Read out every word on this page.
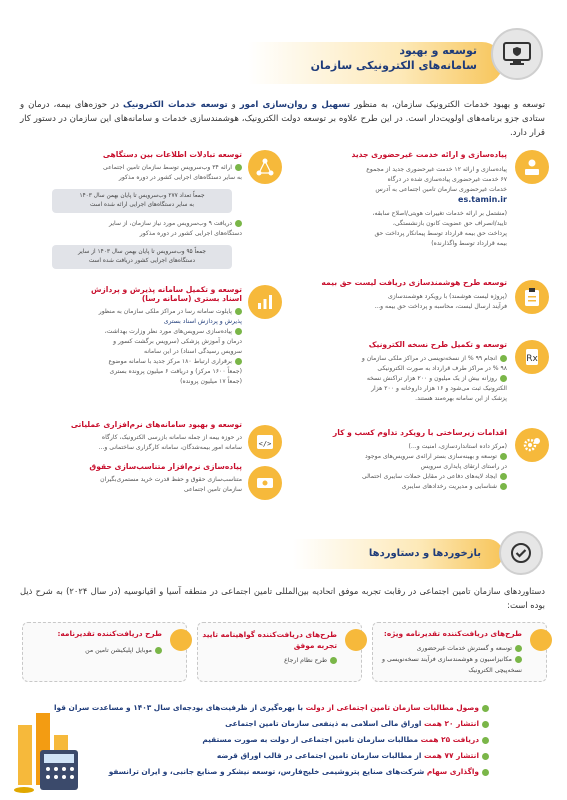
توسعه و بهبود
سامانه‌های الکترونیکی سازمان
توسعه و بهبود خدمات الکترونیک سازمان، به منظور تسهیل و روان‌سازی امور و توسعه خدمات الکترونیک در حوزه‌های بیمه، درمان و ستادی جزو برنامه‌های اولویت‌دار است. در این طرح علاوه بر توسعه دولت الکترونیک، هوشمندسازی خدمات و سامانه‌های این سازمان در دستور کار قرار دارد.
پیاده‌سازی و ارائه خدمت غیرحضوری جدید
پیاده‌سازی و ارائه ۱۲ خدمت غیرحضوری جدید از مجموع
۶۷ خدمت غیرحضوری پیاده‌سازی شده در درگاه
خدمات غیرحضوری سازمان تامین اجتماعی به آدرس
es.tamin.ir
(مشتمل بر ارائه خدمات تغییرات هویتی/اصلاح سابقه،
تایید/انصراف حق عضویت کانون بازنشستگی،
پرداخت حق بیمه قرارداد توسط پیمانکار پرداخت حق
بیمه قرارداد توسط واگذارنده)
توسعه طرح هوشمندسازی دریافت لیست حق بیمه
(پروژه لیست هوشمند) با رویکرد هوشمندسازی
فرآیند ارسال لیست، محاسبه و پرداخت حق بیمه و...
توسعه و تکمیل طرح نسخه الکترونیک
انجام ۹۹ % از نسخه‌نویسی در مراکز ملکی سازمان و
۹۸ % در مراکز طرف قرارداد به صورت الکترونیکی
روزانه بیش از یک میلیون و ۲۰۰ هزار تراکنش نسخه
الکترونیک ثبت می‌شود و ۱۶ هزار داروخانه و ۲۰۰ هزار
پزشک از این سامانه بهره‌مند هستند.
Rx
اقدامات زیرساختی با رویکرد تداوم کسب و کار
(مرکز داده استاندارد‌سازی، امنیت و...)
توسعه و بهینه‌سازی بستر ارائه‌ی سرویس‌های موجود
در راستای ارتقای پایداری سرویس
ایجاد لایه‌های دفاعی در مقابل حملات سایبری احتمالی
شناسایی و مدیریت رخدادهای سایبری
توسعه تبادلات اطلاعات بین دستگاهی
ارائه ۳۴ وب‌سرویس توسط سازمان تامین اجتماعی
به سایر دستگاه‌های اجرایی کشور در دوره مذکور
جمعاً تعداد ۲۷۷ وب‌سرویس تا پایان بهمن سال ۱۴۰۳
به سایر دستگاه‌های اجرایی ارائه شده است
دریافت ۹ وب‌سرویس مورد نیاز سازمان، از سایر
دستگاه‌های اجرایی کشور در دوره مذکور
جمعاً ۹۵ وب‌سرویس تا پایان بهمن سال ۱۴۰۳ از سایر
دستگاه‌های اجرایی کشور دریافت شده است
توسعه و تکمیل سامانه پذیرش و پردازش
اسناد بستری (سامانه رسا)
پایلوت سامانه رسا در مراکز ملکی سازمان به منظور
پذیرش و پردازش اسناد بستری
پیاده‌سازی سرویس‌های مورد نظر وزارت بهداشت،
درمان و آموزش پزشکی (سرویس برگشت کسور و
سرویس رسیدگی اسناد) در این سامانه
برقراری ارتباط ۱۸۰ مرکز جدید با سامانه موضوع
(جمعاً ۱۶۰۰ مرکز) و دریافت ۶ میلیون پرونده بستری
(جمعاً ۱۷ میلیون پرونده)
توسعه و بهبود سامانه‌های نرم‌افزاری عملیاتی
در حوزه بیمه از جمله سامانه بازرسی الکترونیک، کارگاه
سامانه امور بیمه‌شدگان، سامانه کارگزاری ساختمانی و... </>
پیاده‌سازی نرم‌افزار متناسب‌سازی حقوق
متناسب‌سازی حقوق و حفظ قدرت خرید مستمری‌بگیران
سازمان تامین اجتماعی
بازخوردها و دستاوردها
دستاوردهای سازمان تامین اجتماعی در رقابت تجربه موفق اتحادیه بین‌المللی تامین اجتماعی در منطقه آسیا و اقیانوسیه (در سال ۲۰۲۴) به شرح ذیل بوده است:
طرح‌های دریافت‌کننده تقدیرنامه ویژه:
توسعه و گسترش خدمات غیرحضوری
مکانیزاسیون و هوشمندسازی فرآیند نسخه‌نویسی و نسخه‌پیچی الکترونیک
طرح‌های دریافت‌کننده گواهینامه تایید تجربه موفق
طرح نظام ارجاع
طرح دریافت‌کننده تقدیرنامه:
موبایل اپلیکیشن تامین من
وصول مطالبات سازمان تامین اجتماعی از دولت با بهره‌گیری از ظرفیت‌های بودجه‌ای سال ۱۴۰۳ و مساعدت سران قوا
انتشار ۲۰ همت اوراق مالی اسلامی به ذینفعی سازمان تامین اجتماعی
دریافت ۲۵ همت مطالبات سازمان تامین اجتماعی از دولت به صورت مستقیم
انتشار ۷۷ همت از مطالبات سازمان تامین اجتماعی در قالب اوراق قرضه
واگذاری سهام شرکت‌های صنایع پتروشیمی خلیج‌فارس، توسعه نیشکر و صنایع جانبی، و ایران ترانسفو
